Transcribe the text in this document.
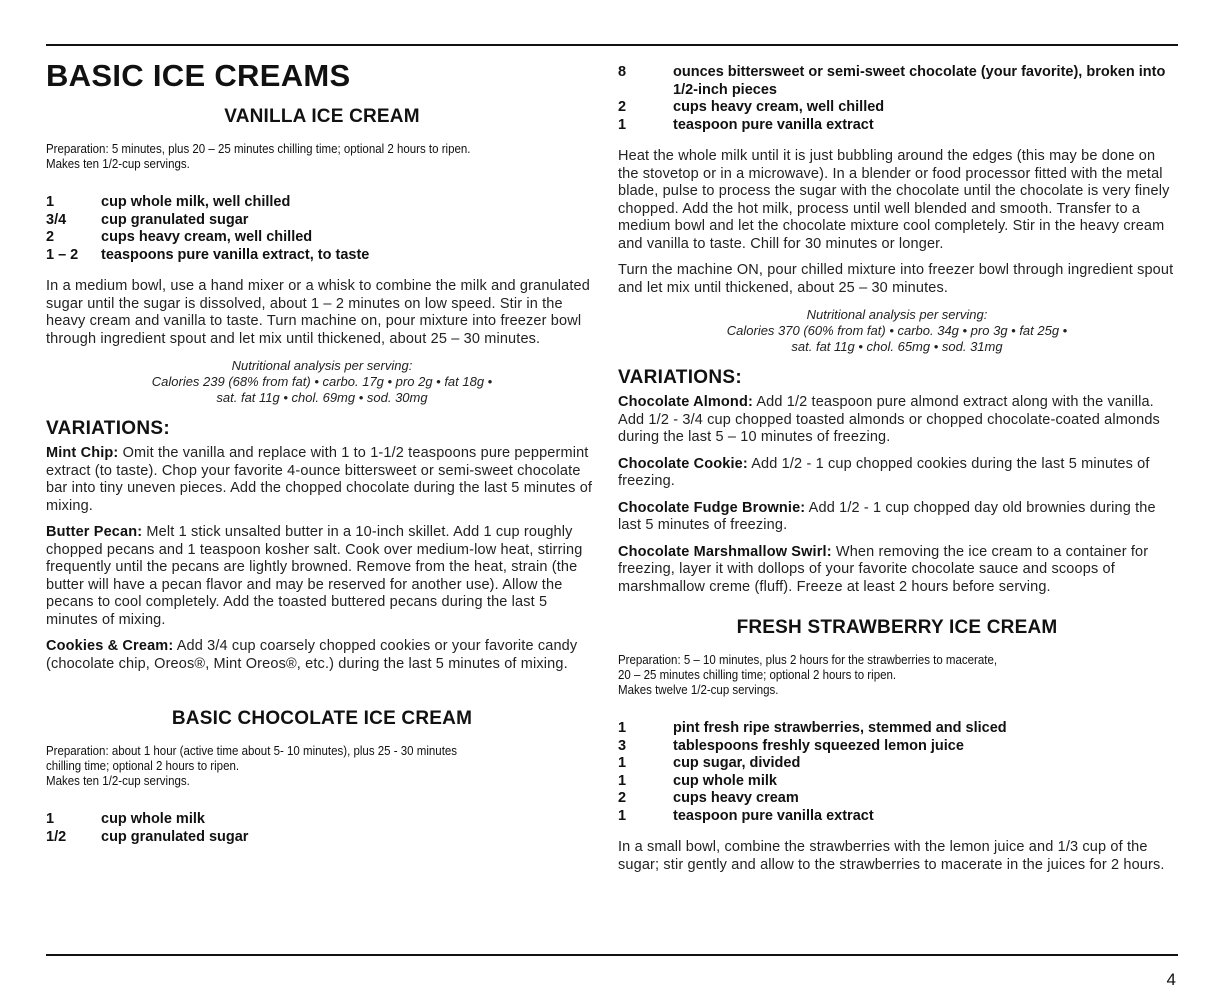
BASIC ICE CREAMS
VANILLA ICE CREAM
Preparation: 5 minutes, plus 20 – 25 minutes chilling time; optional 2 hours to ripen.
Makes ten 1/2-cup servings.
1	cup whole milk, well chilled
3/4	cup granulated sugar
2	cups heavy cream, well chilled
1 – 2	teaspoons pure vanilla extract, to taste

In a medium bowl, use a hand mixer or a whisk to combine the milk and granulated sugar until the sugar is dissolved, about 1 – 2 minutes on low speed. Stir in the heavy cream and vanilla to taste. Turn machine on, pour mixture into freezer bowl through ingredient spout and let mix until thickened, about 25 – 30 minutes.

Nutritional analysis per serving:
Calories 239 (68% from fat) • carbo. 17g • pro 2g • fat 18g •
sat. fat 11g • chol. 69mg • sod. 30mg
VARIATIONS:

Mint Chip: Omit the vanilla and replace with 1 to 1-1/2 teaspoons pure peppermint extract (to taste). Chop your favorite 4-ounce bittersweet or semi-sweet chocolate bar into tiny uneven pieces. Add the chopped chocolate during the last 5 minutes of mixing.

Butter Pecan: Melt 1 stick unsalted butter in a 10-inch skillet. Add 1 cup roughly chopped pecans and 1 teaspoon kosher salt. Cook over medium-low heat, stirring frequently until the pecans are lightly browned. Remove from the heat, strain (the butter will have a pecan flavor and may be reserved for another use). Allow the pecans to cool completely. Add the toasted buttered pecans during the last 5 minutes of mixing.

Cookies & Cream: Add 3/4 cup coarsely chopped cookies or your favorite candy (chocolate chip, Oreos®, Mint Oreos®, etc.) during the last 5 minutes of mixing.

BASIC CHOCOLATE ICE CREAM
Preparation: about 1 hour (active time about 5- 10 minutes), plus 25 - 30 minutes
chilling time; optional 2 hours to ripen.
Makes ten 1/2-cup servings.
1	cup whole milk
1/2	cup granulated sugar
8	ounces bittersweet or semi-sweet chocolate (your favorite), broken into 1/2-inch pieces
2	cups heavy cream, well chilled
1	teaspoon pure vanilla extract

Heat the whole milk until it is just bubbling around the edges (this may be done on the stovetop or in a microwave). In a blender or food processor fitted with the metal blade, pulse to process the sugar with the chocolate until the chocolate is very finely chopped. Add the hot milk, process until well blended and smooth. Transfer to a medium bowl and let the chocolate mixture cool completely. Stir in the heavy cream and vanilla to taste. Chill for 30 minutes or longer.

Turn the machine ON, pour chilled mixture into freezer bowl through ingredient spout and let mix until thickened, about 25 – 30 minutes.

Nutritional analysis per serving:
Calories 370 (60% from fat) • carbo. 34g • pro 3g • fat 25g •
sat. fat 11g • chol. 65mg • sod. 31mg
VARIATIONS:

Chocolate Almond: Add 1/2 teaspoon pure almond extract along with the vanilla. Add 1/2 - 3/4 cup chopped toasted almonds or chopped chocolate-coated almonds during the last 5 – 10 minutes of freezing.

Chocolate Cookie: Add 1/2 - 1 cup chopped cookies during the last 5 minutes of freezing.

Chocolate Fudge Brownie: Add 1/2 - 1 cup chopped day old brownies during the last 5 minutes of freezing.

Chocolate Marshmallow Swirl: When removing the ice cream to a container for freezing, layer it with dollops of your favorite chocolate sauce and scoops of marshmallow creme (fluff). Freeze at least 2 hours before serving.

FRESH STRAWBERRY ICE CREAM
Preparation: 5 – 10 minutes, plus 2 hours for the strawberries to macerate,
20 – 25 minutes chilling time; optional 2 hours to ripen.
Makes twelve 1/2-cup servings.
1	pint fresh ripe strawberries, stemmed and sliced
3	tablespoons freshly squeezed lemon juice
1	cup sugar, divided
1	cup whole milk
2	cups heavy cream
1	teaspoon pure vanilla extract

In a small bowl, combine the strawberries with the lemon juice and 1/3 cup of the sugar; stir gently and allow to the strawberries to macerate in the juices for 2 hours.

4
